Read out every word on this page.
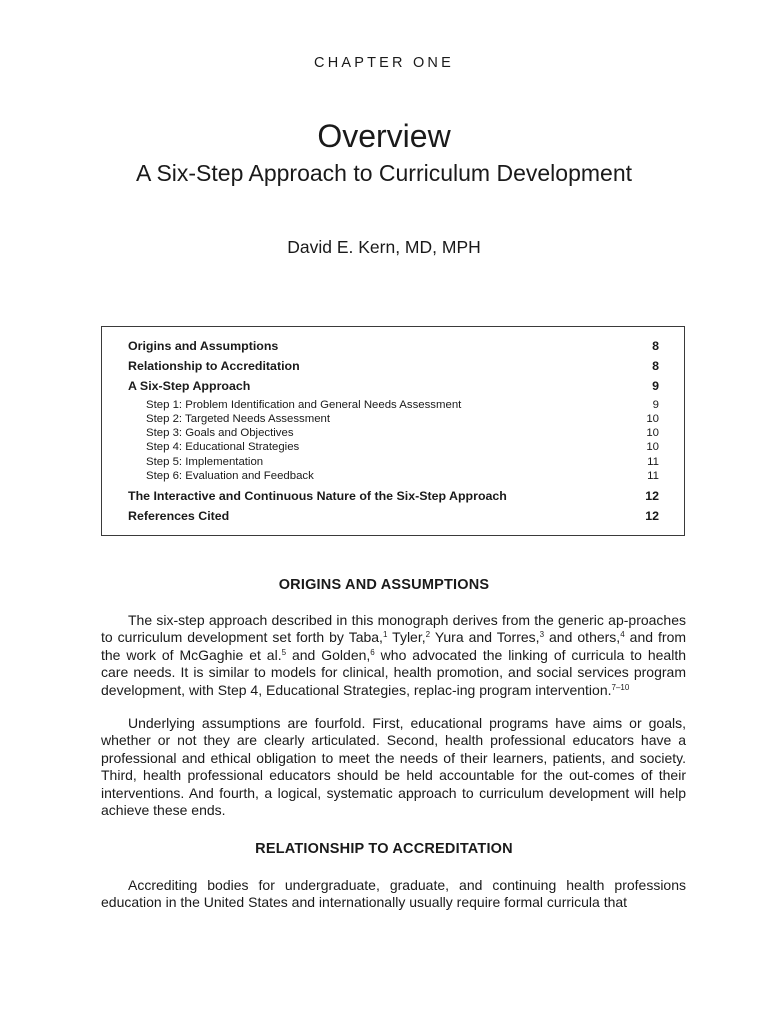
CHAPTER ONE
Overview
A Six-Step Approach to Curriculum Development
David E. Kern, MD, MPH
Origins and Assumptions	8
Relationship to Accreditation	8
A Six-Step Approach	9
Step 1: Problem Identification and General Needs Assessment	9
Step 2: Targeted Needs Assessment	10
Step 3: Goals and Objectives	10
Step 4: Educational Strategies	10
Step 5: Implementation	11
Step 6: Evaluation and Feedback	11
The Interactive and Continuous Nature of the Six-Step Approach	12
References Cited	12
ORIGINS AND ASSUMPTIONS

The six-step approach described in this monograph derives from the generic ap-proaches to curriculum development set forth by Taba,$^1$ Tyler,$^2$ Yura and Torres,$^3$ and others,$^4$ and from the work of McGaghie et al.$^5$ and Golden,$^6$ who advocated the linking of curricula to health care needs. It is similar to models for clinical, health promotion, and social services program development, with Step 4, Educational Strategies, replac-ing program intervention.$^{7-10}$

Underlying assumptions are fourfold. First, educational programs have aims or goals, whether or not they are clearly articulated. Second, health professional educators have a professional and ethical obligation to meet the needs of their learners, patients, and society. Third, health professional educators should be held accountable for the out-comes of their interventions. And fourth, a logical, systematic approach to curriculum development will help achieve these ends.

RELATIONSHIP TO ACCREDITATION

Accrediting bodies for undergraduate, graduate, and continuing health professions education in the United States and internationally usually require formal curricula that
